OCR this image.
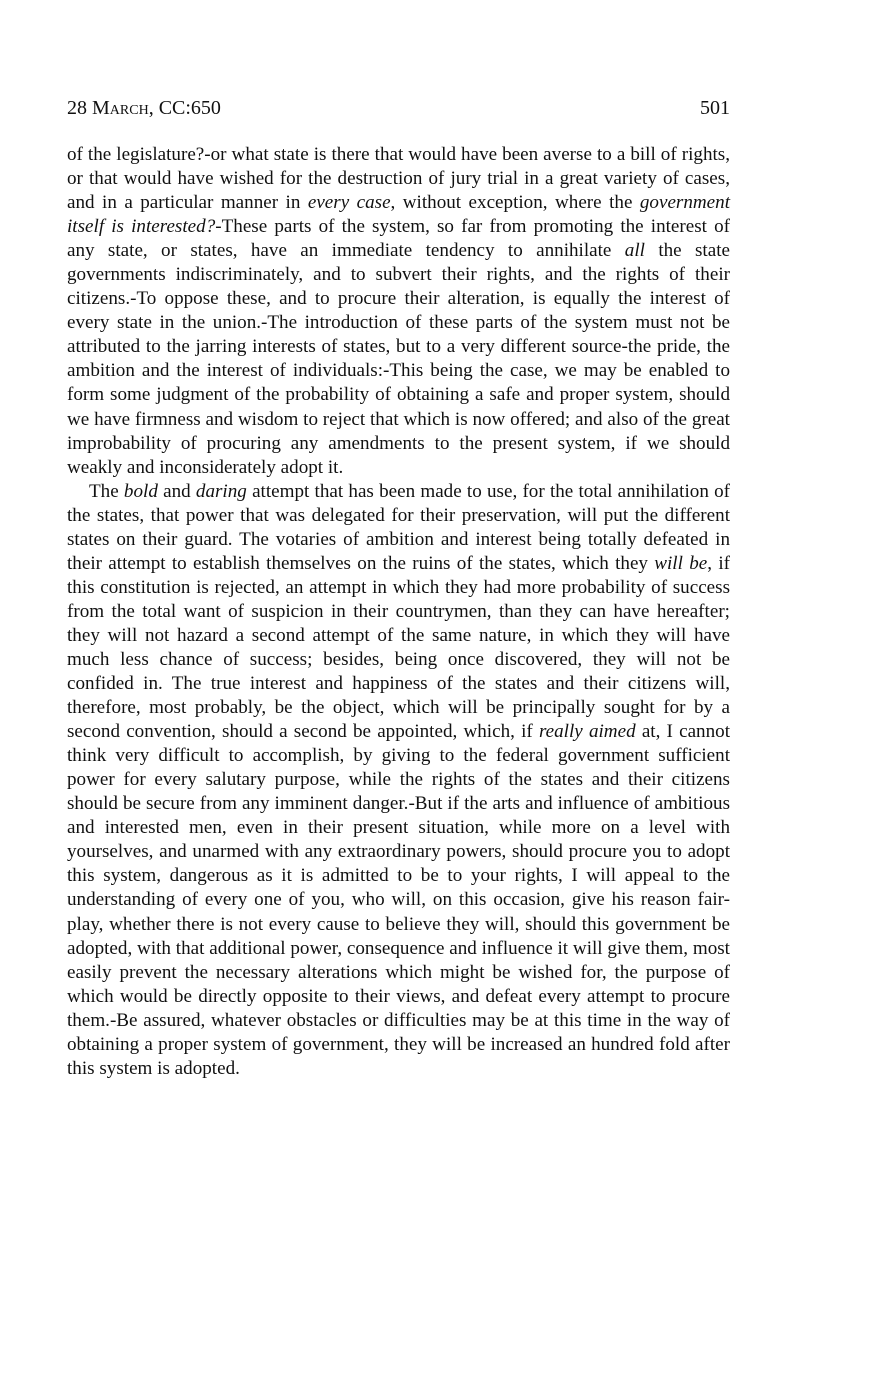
28 March, CC:650	501

of the legislature?-or what state is there that would have been averse to a bill of rights, or that would have wished for the destruction of jury trial in a great variety of cases, and in a particular manner in every case, without exception, where the government itself is interested?-These parts of the system, so far from promoting the interest of any state, or states, have an immediate tendency to annihilate all the state governments indiscriminately, and to subvert their rights, and the rights of their citizens.-To oppose these, and to procure their alteration, is equally the interest of every state in the union.-The introduction of these parts of the system must not be attributed to the jarring interests of states, but to a very different source-the pride, the ambition and the interest of individuals:-This being the case, we may be enabled to form some judgment of the probability of obtaining a safe and proper system, should we have firmness and wisdom to reject that which is now offered; and also of the great improbability of procuring any amendments to the present system, if we should weakly and inconsiderately adopt it.

The bold and daring attempt that has been made to use, for the total annihilation of the states, that power that was delegated for their preservation, will put the different states on their guard. The votaries of ambition and interest being totally defeated in their attempt to establish themselves on the ruins of the states, which they will be, if this constitution is rejected, an attempt in which they had more probability of success from the total want of suspicion in their countrymen, than they can have hereafter; they will not hazard a second attempt of the same nature, in which they will have much less chance of success; besides, being once discovered, they will not be confided in. The true interest and happiness of the states and their citizens will, therefore, most probably, be the object, which will be principally sought for by a second convention, should a second be appointed, which, if really aimed at, I cannot think very difficult to accomplish, by giving to the federal government sufficient power for every salutary purpose, while the rights of the states and their citizens should be secure from any imminent danger.-But if the arts and influence of ambitious and interested men, even in their present situation, while more on a level with yourselves, and unarmed with any extraordinary powers, should procure you to adopt this system, dangerous as it is admitted to be to your rights, I will appeal to the understanding of every one of you, who will, on this occasion, give his reason fair-play, whether there is not every cause to believe they will, should this government be adopted, with that additional power, consequence and influence it will give them, most easily prevent the necessary alterations which might be wished for, the purpose of which would be directly opposite to their views, and defeat every attempt to procure them.-Be assured, whatever obstacles or difficulties may be at this time in the way of obtaining a proper system of government, they will be increased an hundred fold after this system is adopted.
